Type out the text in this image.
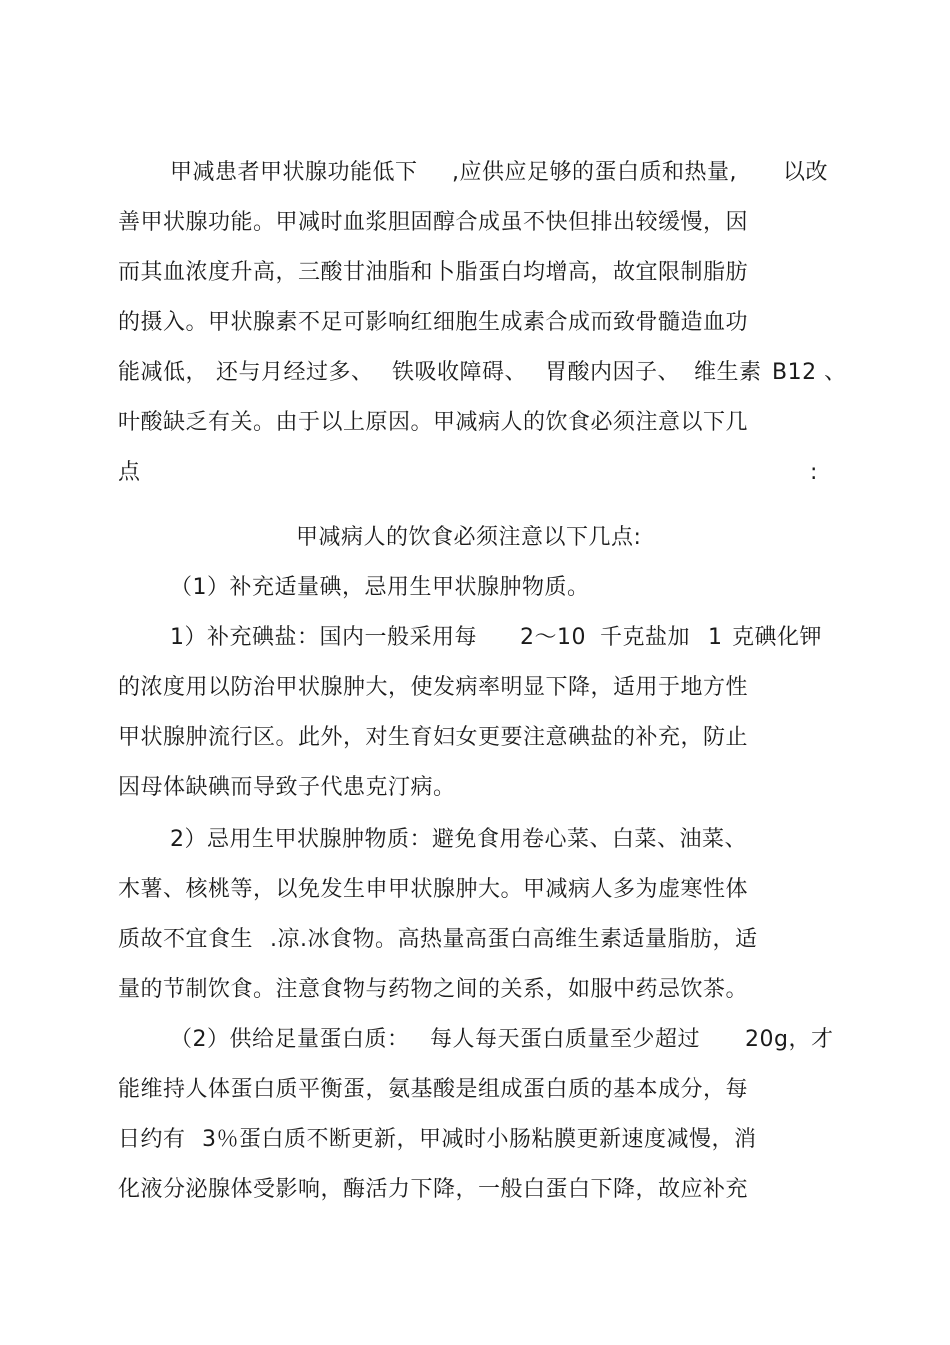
甲减患者甲状腺功能低下 ,应供应足够的蛋白质和热量, 以改
善甲状腺功能。甲减时血浆胆固醇合成虽不快但排出较缓慢，因
而其血浓度升高，三酸甘油脂和卜脂蛋白均增高，故宜限制脂肪
的摄入。甲状腺素不足可影响红细胞生成素合成而致骨髓造血功
能减低， 还与月经过多、 铁吸收障碍、 胃酸内因子、 维生素 B12 、
叶酸缺乏有关。由于以上原因。甲减病人的饮食必须注意以下几
点	:
甲减病人的饮食必须注意以下几点:
（1）补充适量碘，忌用生甲状腺肿物质。
1）补充碘盐：国内一般采用每 2～10 千克盐加 1 克碘化钾
的浓度用以防治甲状腺肿大，使发病率明显下降，适用于地方性
甲状腺肿流行区。此外，对生育妇女更要注意碘盐的补充，防止
因母体缺碘而导致子代患克汀病。
2）忌用生甲状腺肿物质：避免食用卷心菜、白菜、油菜、
木薯、核桃等，以免发生申甲状腺肿大。甲减病人多为虚寒性体
质故不宜食生 .凉.冰食物。高热量高蛋白高维生素适量脂肪，适
量的节制饮食。注意食物与药物之间的关系，如服中药忌饮茶。
（2）供给足量蛋白质： 每人每天蛋白质量至少超过 20g，才
能维持人体蛋白质平衡蛋，氨基酸是组成蛋白质的基本成分，每
日约有 3％蛋白质不断更新，甲减时小肠粘膜更新速度减慢，消
化液分泌腺体受影响，酶活力下降，一般白蛋白下降，故应补充
